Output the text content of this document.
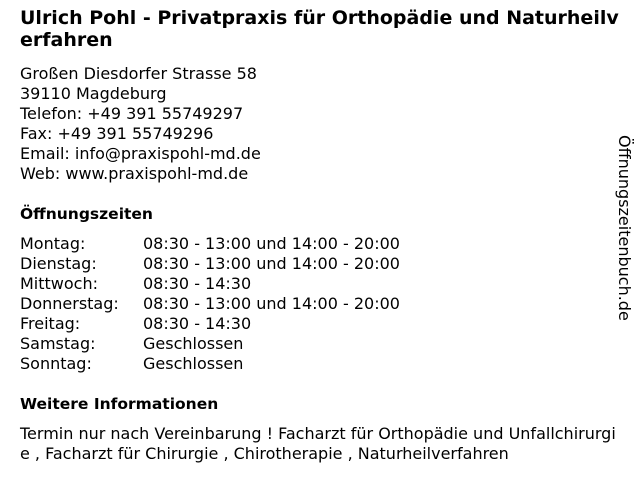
Ulrich Pohl - Privatpraxis für Orthopädie und Naturheilverfahren
Großen Diesdorfer Strasse 58
39110 Magdeburg
Telefon: +49 391 55749297
Fax: +49 391 55749296
Email: info@praxispohl-md.de
Web: www.praxispohl-md.de
Öffnungszeiten
Montag:	08:30 - 13:00 und 14:00 - 20:00
Dienstag:	08:30 - 13:00 und 14:00 - 20:00
Mittwoch:	08:30 - 14:30
Donnerstag: 08:30 - 13:00 und 14:00 - 20:00
Freitag:	08:30 - 14:30
Samstag:	Geschlossen
Sonntag:	Geschlossen
Weitere Informationen
Termin nur nach Vereinbarung ! Facharzt für Orthopädie und Unfallchirurgie , Facharzt für Chirurgie , Chirotherapie , Naturheilverfahren
Öffnungszeitenbuch.de
